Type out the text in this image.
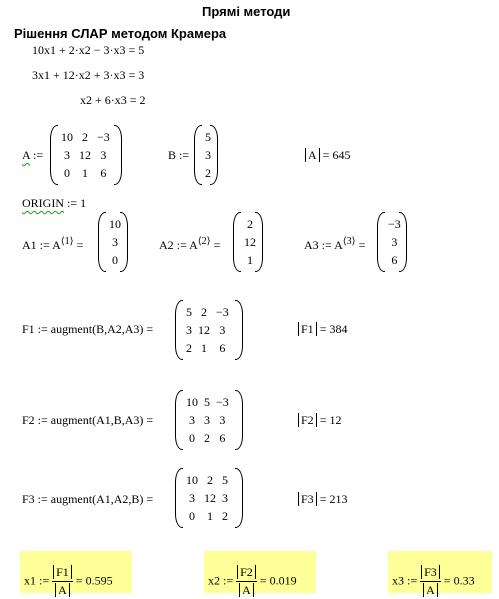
Прямі методи
Рішення СЛАР методом Крамера
10x1 + 2·x2 − 3·x3 = 5
3x1 + 12·x2 + 3·x3 = 3
x2 + 6·x3 = 2
A :=
10	2	−3
3	12	3
0	1	6
B :=
5
3
2
A = 645
ORIGIN := 1
A1 := $A^{⟨1⟩}$ =
10
3
0
A2 := $A^{⟨2⟩}$ =
2
12
1
A3 := $A^{⟨3⟩}$ =
−3
3
6
F1 := augment(B,A2,A3) =
5	2	−3
3	12	3
2	1	6
F1 = 384
F2 := augment(A1,B,A3) =
10	5	−3
3	3	3
0	2	6
F2 = 12
F3 := augment(A1,A2,B) =
10	2	5
3	12	3
0	1	2
F3 = 213
x1 := $\frac{F1}{A} = 0.595$	x2 := $\frac{F2}{A} = 0.019$	x3 := $\frac{F3}{A} = 0.33$
